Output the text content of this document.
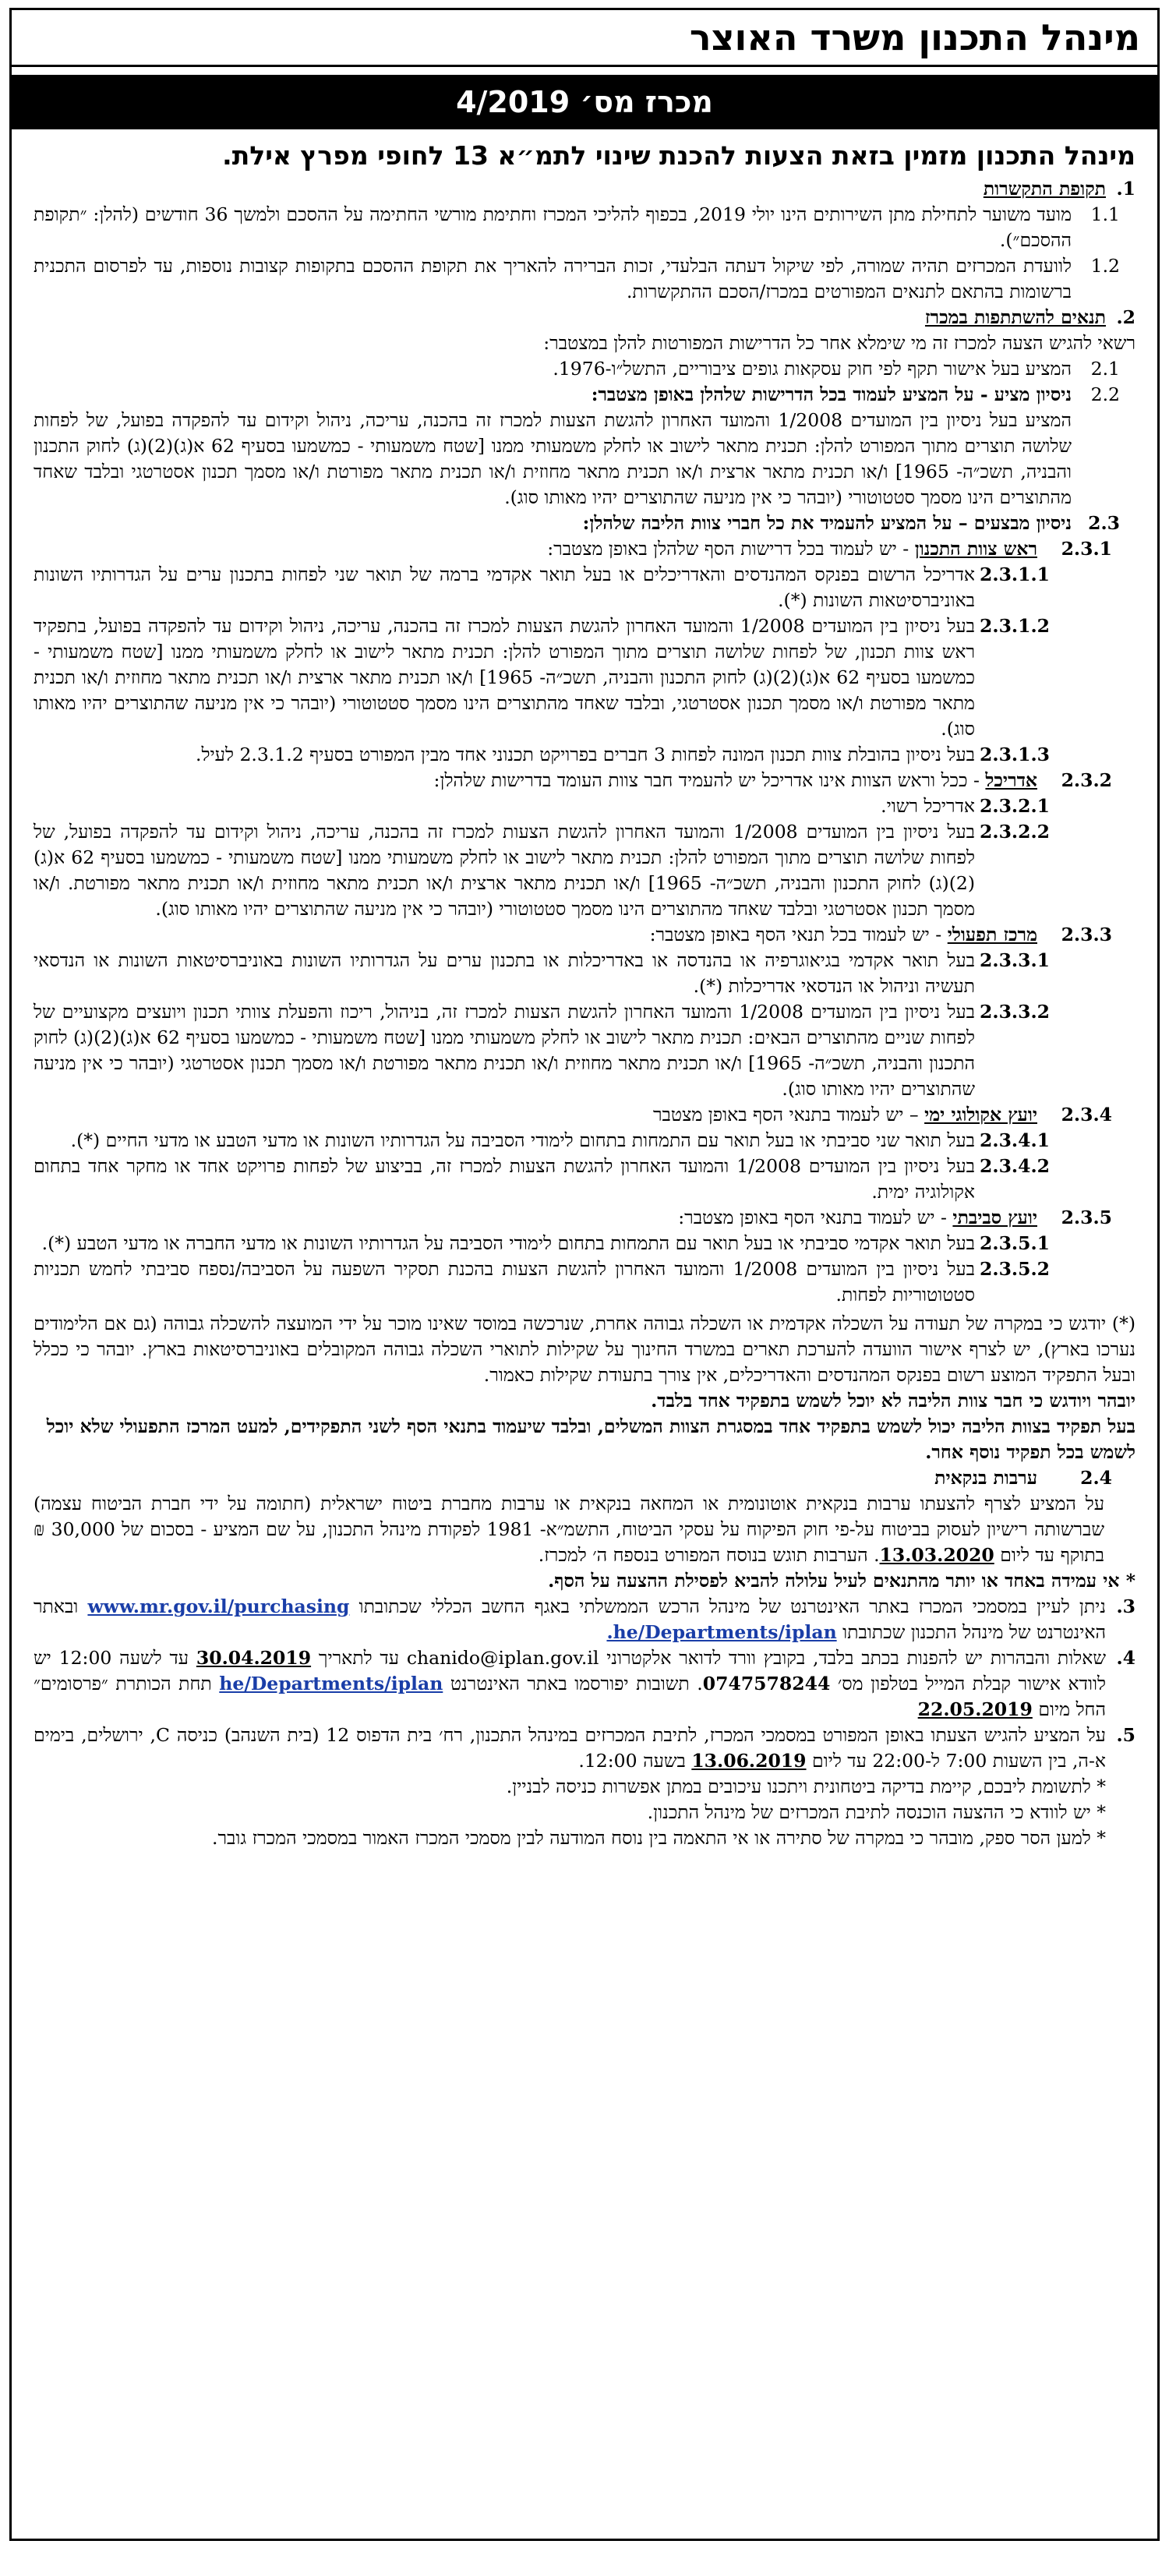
מינהל התכנון משרד האוצר
מכרז מס׳ 4/2019
מינהל התכנון מזמין בזאת הצעות להכנת שינוי לתמ״א 13 לחופי מפרץ אילת.
1.
תקופת התקשרות
1.1
מועד משוער לתחילת מתן השירותים הינו יולי 2019, בכפוף להליכי המכרז וחתימת מורשי החתימה על ההסכם ולמשך 36 חודשים (להלן: ״תקופת ההסכם״).
1.2
לוועדת המכרזים תהיה שמורה, לפי שיקול דעתה הבלעדי, זכות הברירה להאריך את תקופת ההסכם בתקופות קצובות נוספות, עד לפרסום התכנית ברשומות בהתאם לתנאים המפורטים במכרז/הסכם ההתקשרות.
2.
תנאים להשתתפות במכרז
רשאי להגיש הצעה למכרז זה מי שימלא אחר כל הדרישות המפורטות להלן במצטבר:
2.1
המציע בעל אישור תקף לפי חוק עסקאות גופים ציבוריים, התשל״ו-1976.
2.2
ניסיון מציע - על המציע לעמוד בכל הדרישות שלהלן באופן מצטבר:
המציע בעל ניסיון בין המועדים 1/2008 והמועד האחרון להגשת הצעות למכרז זה בהכנה, עריכה, ניהול וקידום עד להפקדה בפועל, של לפחות שלושה תוצרים מתוך המפורט להלן: תכנית מתאר לישוב או לחלק משמעותי ממנו [שטח משמעותי - כמשמעו בסעיף 62 א(ג)(2)(ג) לחוק התכנון והבניה, תשכ״ה- 1965] ו/או תכנית מתאר ארצית ו/או תכנית מתאר מחוזית ו/או תכנית מתאר מפורטת ו/או מסמך תכנון אסטרטגי ובלבד שאחד מהתוצרים הינו מסמך סטטוטורי (יובהר כי אין מניעה שהתוצרים יהיו מאותו סוג).
2.3
ניסיון מבצעים – על המציע להעמיד את כל חברי צוות הליבה שלהלן:
2.3.1
ראש צוות התכנון - יש לעמוד בכל דרישות הסף שלהלן באופן מצטבר:
2.3.1.1
אדריכל הרשום בפנקס המהנדסים והאדריכלים או בעל תואר אקדמי ברמה של תואר שני לפחות בתכנון ערים על הגדרותיו השונות באוניברסיטאות השונות (*).
2.3.1.2
בעל ניסיון בין המועדים 1/2008 והמועד האחרון להגשת הצעות למכרז זה בהכנה, עריכה, ניהול וקידום עד להפקדה בפועל, בתפקיד ראש צוות תכנון, של לפחות שלושה תוצרים מתוך המפורט להלן: תכנית מתאר לישוב או לחלק משמעותי ממנו [שטח משמעותי - כמשמעו בסעיף 62 א(ג)(2)(ג) לחוק התכנון והבניה, תשכ״ה- 1965] ו/או תכנית מתאר ארצית ו/או תכנית מתאר מחוזית ו/או תכנית מתאר מפורטת ו/או מסמך תכנון אסטרטגי, ובלבד שאחד מהתוצרים הינו מסמך סטטוטורי (יובהר כי אין מניעה שהתוצרים יהיו מאותו סוג).
2.3.1.3
בעל ניסיון בהובלת צוות תכנון המונה לפחות 3 חברים בפרויקט תכנוני אחד מבין המפורט בסעיף 2.3.1.2 לעיל.
2.3.2
אדריכל - ככל וראש הצוות אינו אדריכל יש להעמיד חבר צוות העומד בדרישות שלהלן:
2.3.2.1
אדריכל רשוי.
2.3.2.2
בעל ניסיון בין המועדים 1/2008 והמועד האחרון להגשת הצעות למכרז זה בהכנה, עריכה, ניהול וקידום עד להפקדה בפועל, של לפחות שלושה תוצרים מתוך המפורט להלן: תכנית מתאר לישוב או לחלק משמעותי ממנו [שטח משמעותי - כמשמעו בסעיף 62 א(ג)(2)(ג) לחוק התכנון והבניה, תשכ״ה- 1965] ו/או תכנית מתאר ארצית ו/או תכנית מתאר מחוזית ו/או תכנית מתאר מפורטת. ו/או מסמך תכנון אסטרטגי ובלבד שאחד מהתוצרים הינו מסמך סטטוטורי (יובהר כי אין מניעה שהתוצרים יהיו מאותו סוג).
2.3.3
מרכז תפעולי - יש לעמוד בכל תנאי הסף באופן מצטבר:
2.3.3.1
בעל תואר אקדמי בגיאוגרפיה או בהנדסה או באדריכלות או בתכנון ערים על הגדרותיו השונות באוניברסיטאות השונות או הנדסאי תעשיה וניהול או הנדסאי אדריכלות (*).
2.3.3.2
בעל ניסיון בין המועדים 1/2008 והמועד האחרון להגשת הצעות למכרז זה, בניהול, ריכוז והפעלת צוותי תכנון ויועצים מקצועיים של לפחות שניים מהתוצרים הבאים: תכנית מתאר לישוב או לחלק משמעותי ממנו [שטח משמעותי - כמשמעו בסעיף 62 א(ג)(2)(ג) לחוק התכנון והבניה, תשכ״ה- 1965] ו/או תכנית מתאר מחוזית ו/או תכנית מתאר מפורטת ו/או מסמך תכנון אסטרטגי (יובהר כי אין מניעה שהתוצרים יהיו מאותו סוג).
2.3.4
יועץ אקולוגי ימי – יש לעמוד בתנאי הסף באופן מצטבר
2.3.4.1
בעל תואר שני סביבתי או בעל תואר עם התמחות בתחום לימודי הסביבה על הגדרותיו השונות או מדעי הטבע או מדעי החיים (*).
2.3.4.2
בעל ניסיון בין המועדים 1/2008 והמועד האחרון להגשת הצעות למכרז זה, בביצוע של לפחות פרויקט אחד או מחקר אחד בתחום אקולוגיה ימית.
2.3.5
יועץ סביבתי - יש לעמוד בתנאי הסף באופן מצטבר:
2.3.5.1
בעל תואר אקדמי סביבתי או בעל תואר עם התמחות בתחום לימודי הסביבה על הגדרותיו השונות או מדעי החברה או מדעי הטבע (*).
2.3.5.2
בעל ניסיון בין המועדים 1/2008 והמועד האחרון להגשת הצעות בהכנת תסקיר השפעה על הסביבה/נספח סביבתי לחמש תכניות סטטוטוריות לפחות.
(*) יודגש כי במקרה של תעודה על השכלה אקדמית או השכלה גבוהה אחרת, שנרכשה במוסד שאינו מוכר על ידי המועצה להשכלה גבוהה (גם אם הלימודים נערכו בארץ), יש לצרף אישור הוועדה להערכת תארים במשרד החינוך על שקילות לתוארי השכלה גבוהה המקובלים באוניברסיטאות בארץ. יובהר כי ככלל ובעל התפקיד המוצע רשום בפנקס המהנדסים והאדריכלים, אין צורך בתעודת שקילות כאמור.
יובהר ויודגש כי חבר צוות הליבה לא יוכל לשמש בתפקיד אחד בלבד.
בעל תפקיד בצוות הליבה יכול לשמש בתפקיד אחד במסגרת הצוות המשלים, ובלבד שיעמוד בתנאי הסף לשני התפקידים, למעט המרכז התפעולי שלא יוכל לשמש בכל תפקיד נוסף אחר.
2.4
ערבות בנקאית
על המציע לצרף להצעתו ערבות בנקאית אוטונומית או המחאה בנקאית או ערבות מחברת ביטוח ישראלית (חתומה על ידי חברת הביטוח עצמה) שברשותה רישיון לעסוק בביטוח על-פי חוק הפיקוח על עסקי הביטוח, התשמ״א- 1981 לפקודת מינהל התכנון, על שם המציע - בסכום של 30,000 ₪ בתוקף עד ליום 13.03.2020. הערבות תוגש בנוסח המפורט בנספח ה׳ למכרז.
* אי עמידה באחד או יותר מהתנאים לעיל עלולה להביא לפסילת ההצעה על הסף.
3.
ניתן לעיין במסמכי המכרז באתר האינטרנט של מינהל הרכש הממשלתי באגף החשב הכללי שכתובתו www.mr.gov.il/purchasing ובאתר האינטרנט של מינהל התכנון שכתובתו .he/Departments/iplan
4.
שאלות והבהרות יש להפנות בכתב בלבד, בקובץ וורד לדואר אלקטרוני chanido@iplan.gov.il עד לתאריך 30.04.2019 עד לשעה 12:00 יש לוודא אישור קבלת המייל בטלפון מס׳ 0747578244. תשובות יפורסמו באתר האינטרנט he/Departments/iplan תחת הכותרת ״פרסומים״ החל מיום 22.05.2019
5.
על המציע להגיש הצעתו באופן המפורט במסמכי המכרז, לתיבת המכרזים במינהל התכנון, רח׳ בית הדפוס 12 (בית השנהב) כניסה C, ירושלים, בימים א-ה, בין השעות 7:00 ל-22:00 עד ליום 13.06.2019 בשעה 12:00.
* לתשומת ליבכם, קיימת בדיקה ביטחונית ויתכנו עיכובים במתן אפשרות כניסה לבניין.
* יש לוודא כי ההצעה הוכנסה לתיבת המכרזים של מינהל התכנון.
* למען הסר ספק, מובהר כי במקרה של סתירה או אי התאמה בין נוסח המודעה לבין מסמכי המכרז האמור במסמכי המכרז גובר.
